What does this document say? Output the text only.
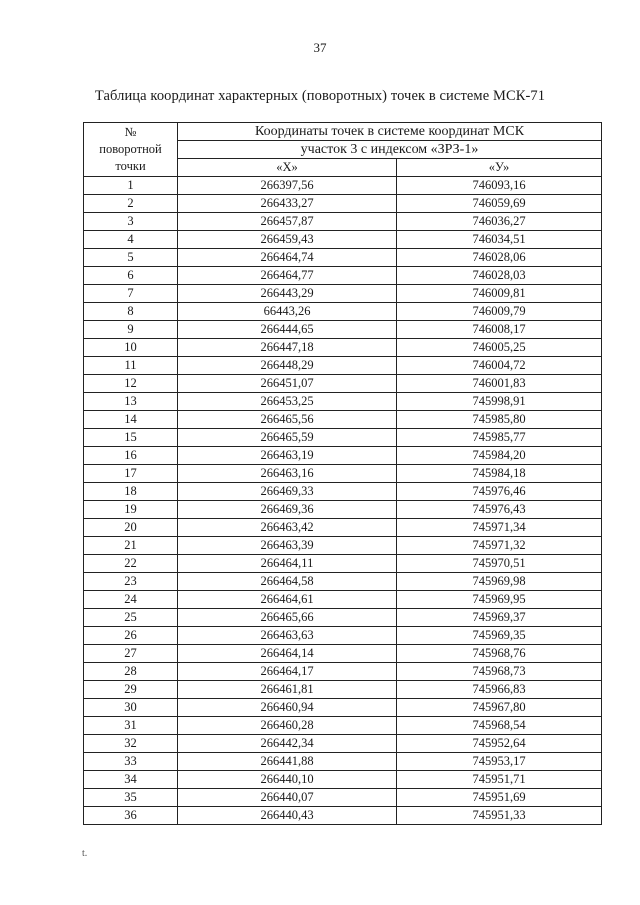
37
Таблица координат характерных (поворотных) точек в системе МСК-71
№
поворотной
точки	Координаты точек в системе координат МСК	
	участок 3 с индексом «ЗРЗ-1»	
	«X»	«У»
1	266397,56	746093,16
2	266433,27	746059,69
3	266457,87	746036,27
4	266459,43	746034,51
5	266464,74	746028,06
6	266464,77	746028,03
7	266443,29	746009,81
8	66443,26	746009,79
9	266444,65	746008,17
10	266447,18	746005,25
11	266448,29	746004,72
12	266451,07	746001,83
13	266453,25	745998,91
14	266465,56	745985,80
15	266465,59	745985,77
16	266463,19	745984,20
17	266463,16	745984,18
18	266469,33	745976,46
19	266469,36	745976,43
20	266463,42	745971,34
21	266463,39	745971,32
22	266464,11	745970,51
23	266464,58	745969,98
24	266464,61	745969,95
25	266465,66	745969,37
26	266463,63	745969,35
27	266464,14	745968,76
28	266464,17	745968,73
29	266461,81	745966,83
30	266460,94	745967,80
31	266460,28	745968,54
32	266442,34	745952,64
33	266441,88	745953,17
34	266440,10	745951,71
35	266440,07	745951,69
36	266440,43	745951,33
t.
